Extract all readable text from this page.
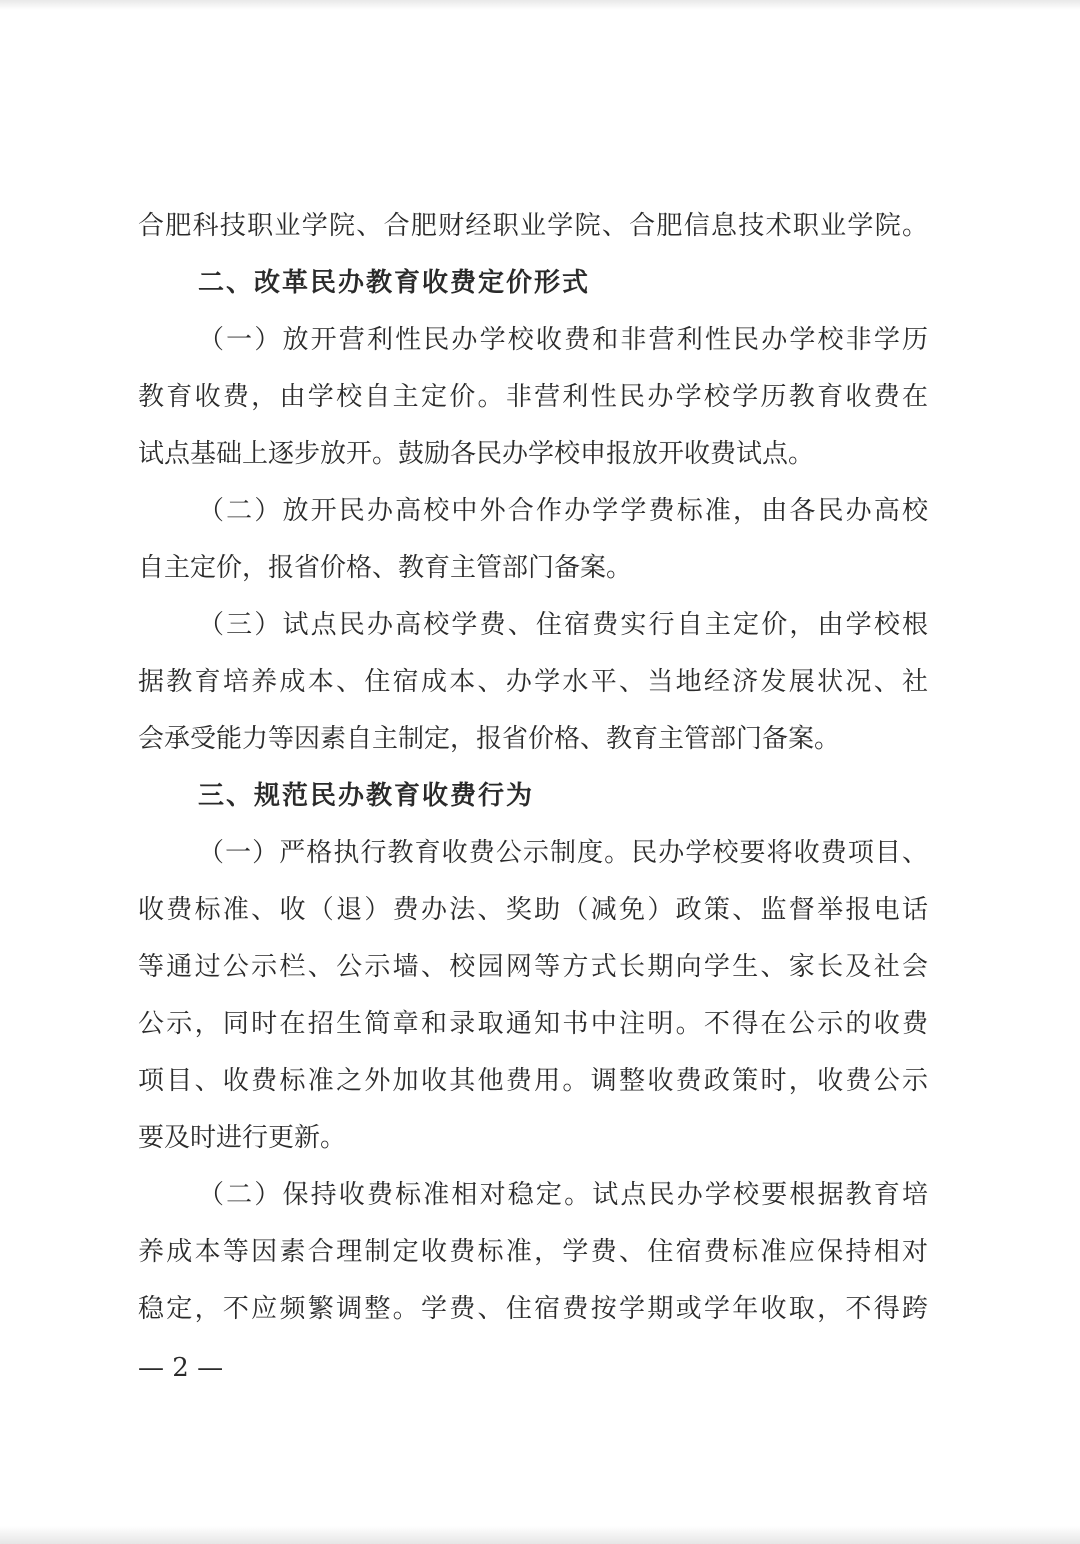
合肥科技职业学院、合肥财经职业学院、合肥信息技术职业学院。
二、改革民办教育收费定价形式
（一）放开营利性民办学校收费和非营利性民办学校非学历
教育收费，由学校自主定价。非营利性民办学校学历教育收费在
试点基础上逐步放开。鼓励各民办学校申报放开收费试点。
（二）放开民办高校中外合作办学学费标准，由各民办高校
自主定价，报省价格、教育主管部门备案。
（三）试点民办高校学费、住宿费实行自主定价，由学校根
据教育培养成本、住宿成本、办学水平、当地经济发展状况、社
会承受能力等因素自主制定，报省价格、教育主管部门备案。
三、规范民办教育收费行为
（一）严格执行教育收费公示制度。民办学校要将收费项目、
收费标准、收（退）费办法、奖助（减免）政策、监督举报电话
等通过公示栏、公示墙、校园网等方式长期向学生、家长及社会
公示，同时在招生简章和录取通知书中注明。不得在公示的收费
项目、收费标准之外加收其他费用。调整收费政策时，收费公示
要及时进行更新。
（二）保持收费标准相对稳定。试点民办学校要根据教育培
养成本等因素合理制定收费标准，学费、住宿费标准应保持相对
稳定，不应频繁调整。学费、住宿费按学期或学年收取，不得跨
— 2 —
